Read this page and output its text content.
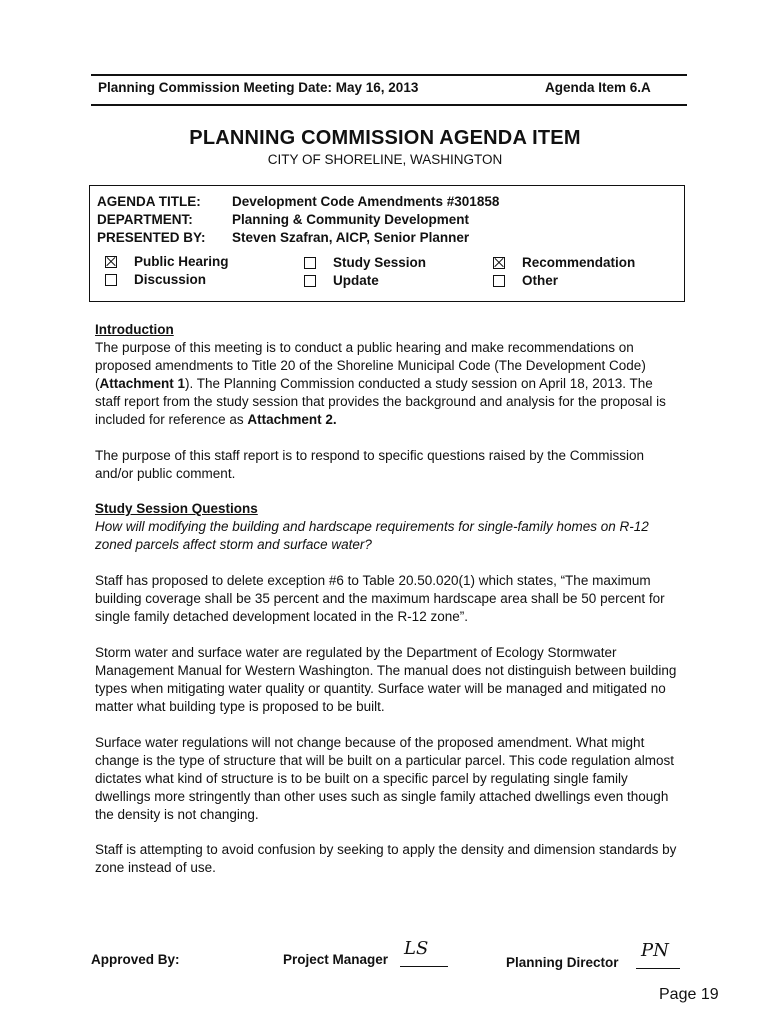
Planning Commission Meeting Date: May 16, 2013	Agenda Item 6.A
PLANNING COMMISSION AGENDA ITEM
CITY OF SHORELINE, WASHINGTON
AGENDA TITLE: Development Code Amendments #301858
DEPARTMENT:	Planning & Community Development
PRESENTED BY: Steven Szafran, AICP, Senior Planner
Public Hearing
Discussion
Study Session
Update
Recommendation
Other
Introduction

The purpose of this meeting is to conduct a public hearing and make recommendations on proposed amendments to Title 20 of the Shoreline Municipal Code (The Development Code) (Attachment 1). The Planning Commission conducted a study session on April 18, 2013. The staff report from the study session that provides the background and analysis for the proposal is included for reference as Attachment 2.

The purpose of this staff report is to respond to specific questions raised by the Commission and/or public comment.
Study Session Questions
How will modifying the building and hardscape requirements for single-family homes on R-12 zoned parcels affect storm and surface water?
Staff has proposed to delete exception #6 to Table 20.50.020(1) which states, “The maximum building coverage shall be 35 percent and the maximum hardscape area shall be 50 percent for single family detached development located in the R-12 zone”.
Storm water and surface water are regulated by the Department of Ecology Stormwater Management Manual for Western Washington. The manual does not distinguish between building types when mitigating water quality or quantity. Surface water will be managed and mitigated no matter what building type is proposed to be built.
Surface water regulations will not change because of the proposed amendment. What might change is the type of structure that will be built on a particular parcel. This code regulation almost dictates what kind of structure is to be built on a specific parcel by regulating single family dwellings more stringently than other uses such as single family attached dwellings even though the density is not changing.
Staff is attempting to avoid confusion by seeking to apply the density and dimension standards by zone instead of use.
Approved By:	Project Manager
LS
Planning Director
PN
Page 19
